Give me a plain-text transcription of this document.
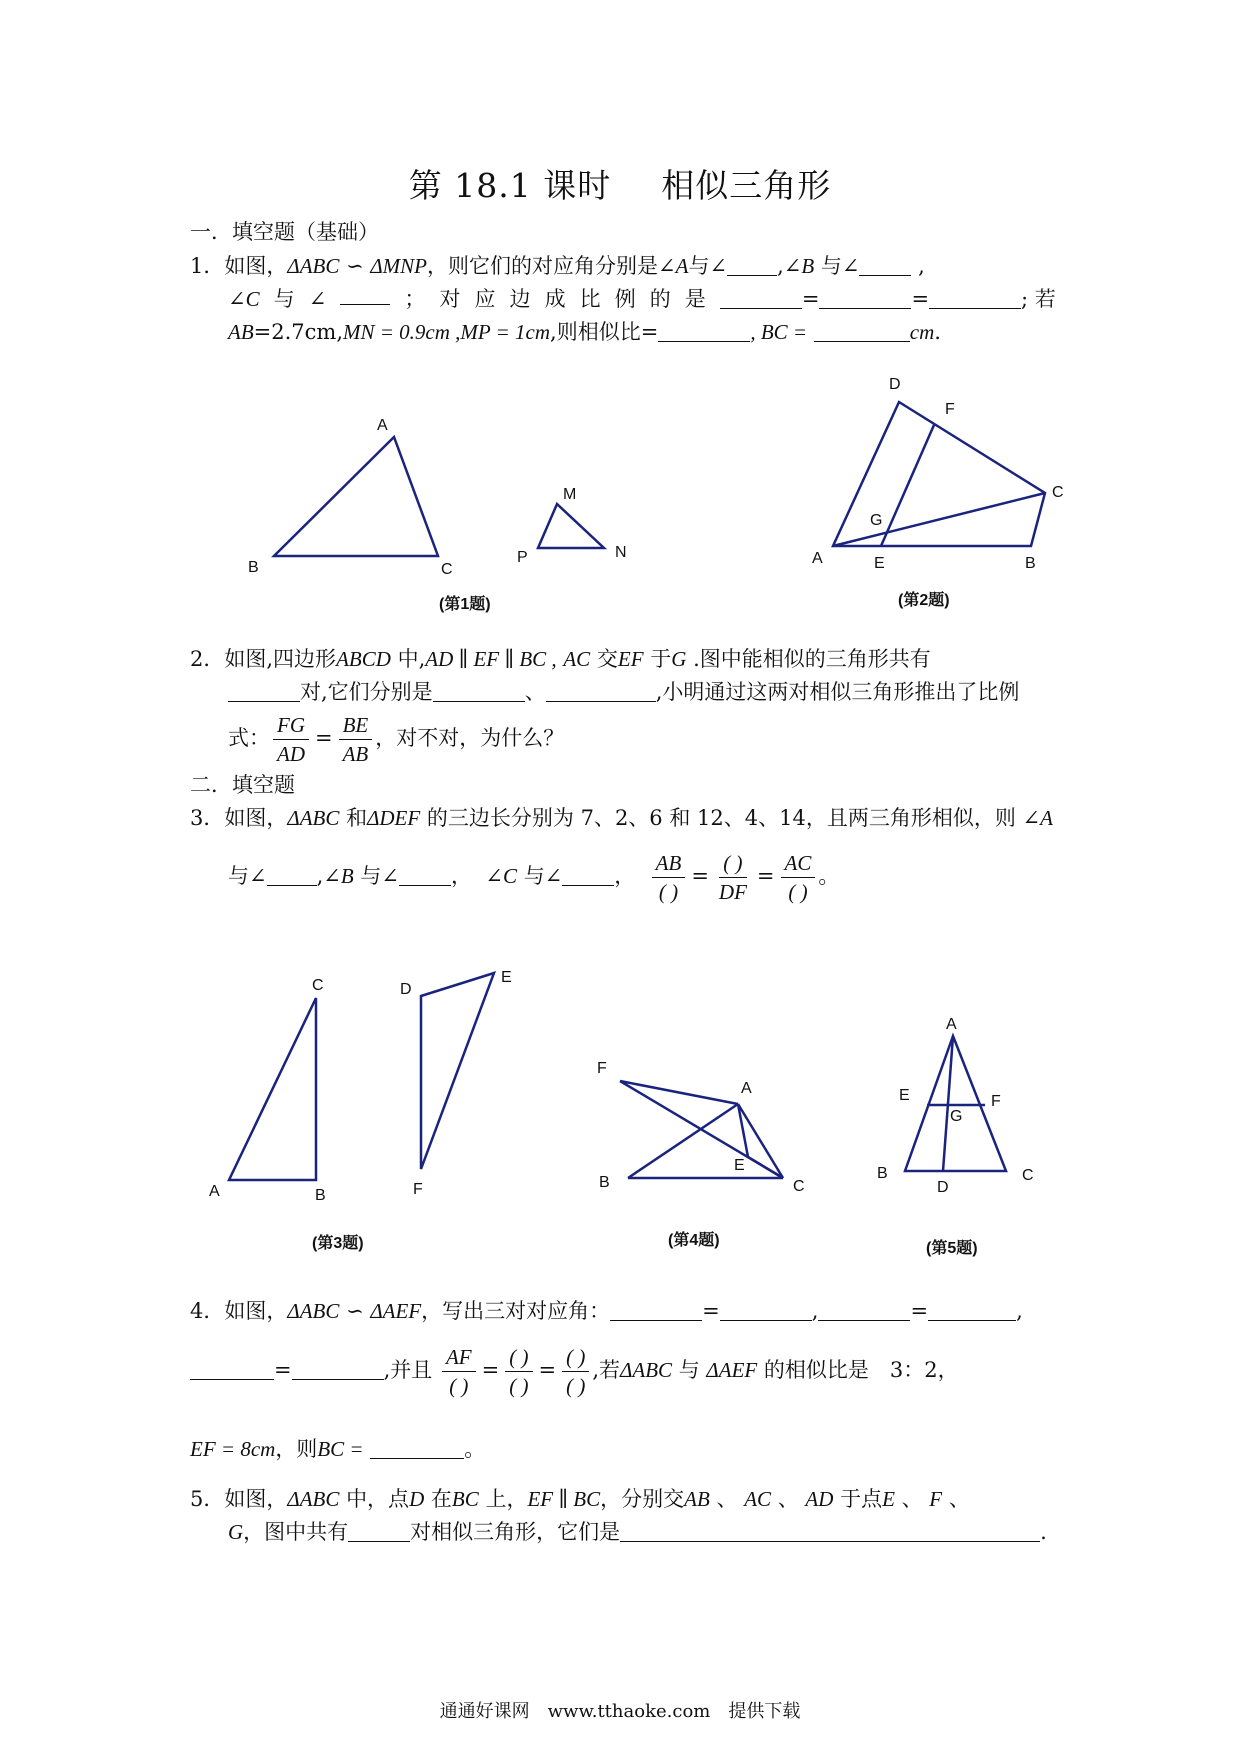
第 18.1 课时 相似三角形
一．填空题（基础）
1．如图，ΔABC ∽ ΔMNP，则它们的对应角分别是∠A与∠ ,∠B 与∠ ,
∠C 与 ∠	； 对 应 边 成 比 例 的 是	=	=	; 若
AB=2.7cm,MN = 0.9cm ,MP = 1cm,则相似比=	, BC =	cm.
2．如图,四边形ABCD 中,AD ∥ EF ∥ BC , AC 交EF 于G .图中能相似的三角形共有
对,它们分别是	、	,小明通过这两对相似三角形推出了比例
式： $\frac{FG}{AD} = \frac{BE}{AB}$ ，对不对，为什么？
二．填空题
3．如图，ΔABC 和ΔDEF 的三边长分别为 7、2、6 和 12、4、14，且两三角形相似，则 ∠A
与∠ ,∠B 与∠ ，  ∠C 与∠ ， $\frac{AB}{( )} = \frac{( )}{DF} = \frac{AC}{( )}$ 。
4．如图，ΔABC ∽ ΔAEF，写出三对对应角：	=	,	=	,
=	,并且 $\frac{AF}{( )} = \frac{( )}{( )} = \frac{( )}{( )}$ ,若ΔABC 与 ΔAEF 的相似比是　3：2，
EF = 8cm，则BC =	。
5．如图，ΔABC 中，点D 在BC 上，EF ∥ BC，分别交AB 、 AC 、 AD 于点E 、 F 、
G，图中共有	对相似三角形，它们是	.
A
B	C
M
P	N
(第1题)
D
F
C
G
A	E	B
(第2题)
C
A	B
D
E
F
(第3题)
F
A
E
B	C
(第4题)
A
E	F
G
B
D
C
(第5题)
通通好课网　www.tthaoke.com　提供下载
